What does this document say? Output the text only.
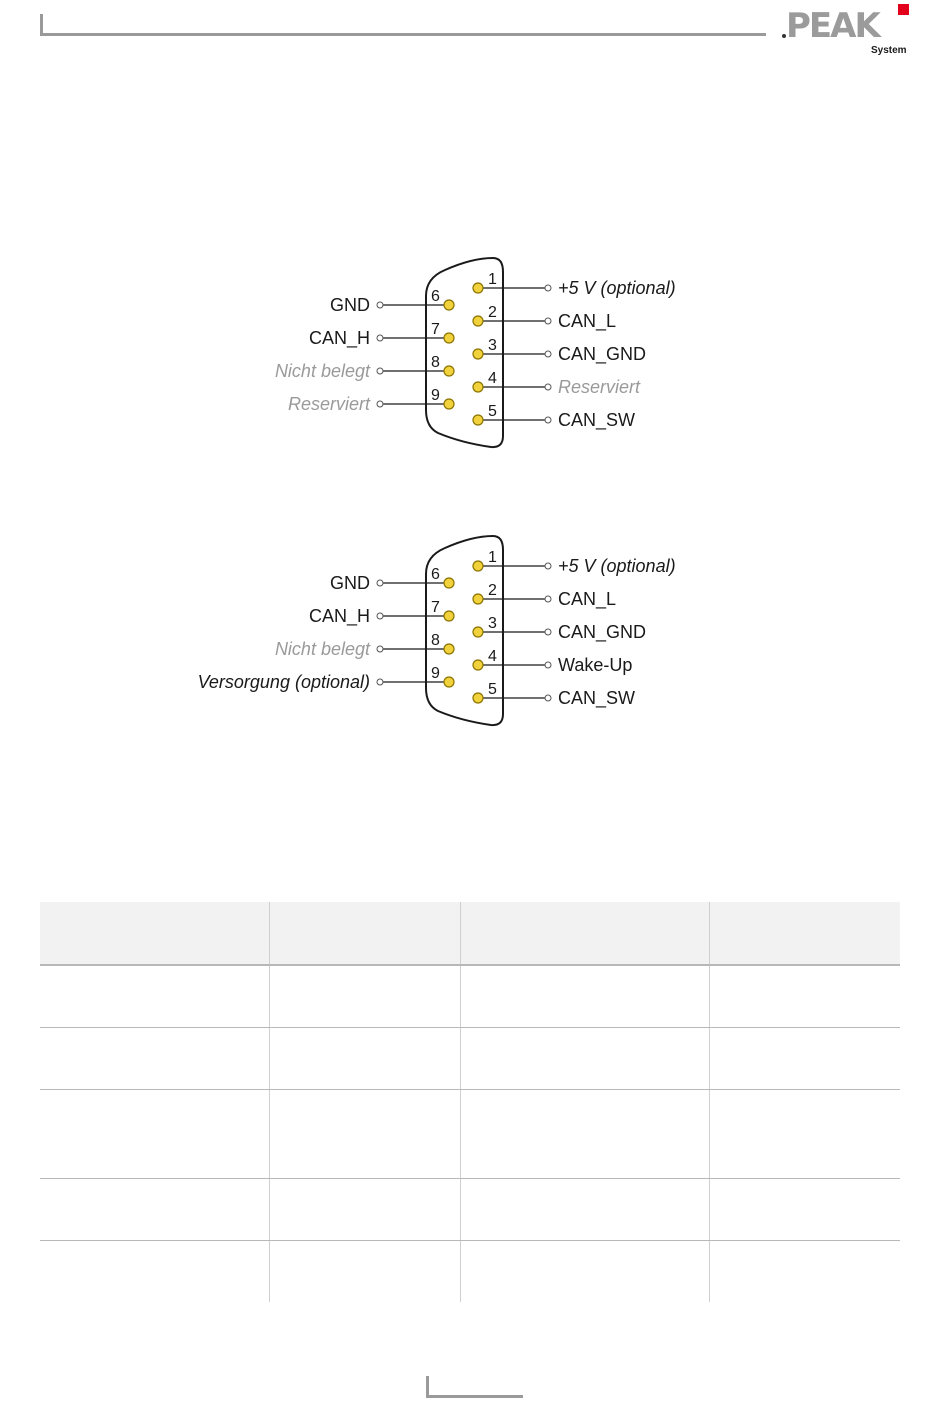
PEAK
System
1	+5 V (optional)
2	CAN_L
3	CAN_GND
4	Reserviert
5	CAN_SW
6
GND
7
CAN_H
8
Nicht belegt
9
Reserviert
1	+5 V (optional)
2	CAN_L
3	CAN_GND
4	Wake-Up
5	CAN_SW
6
GND
7
CAN_H
8
Nicht belegt
9
Versorgung (optional)
